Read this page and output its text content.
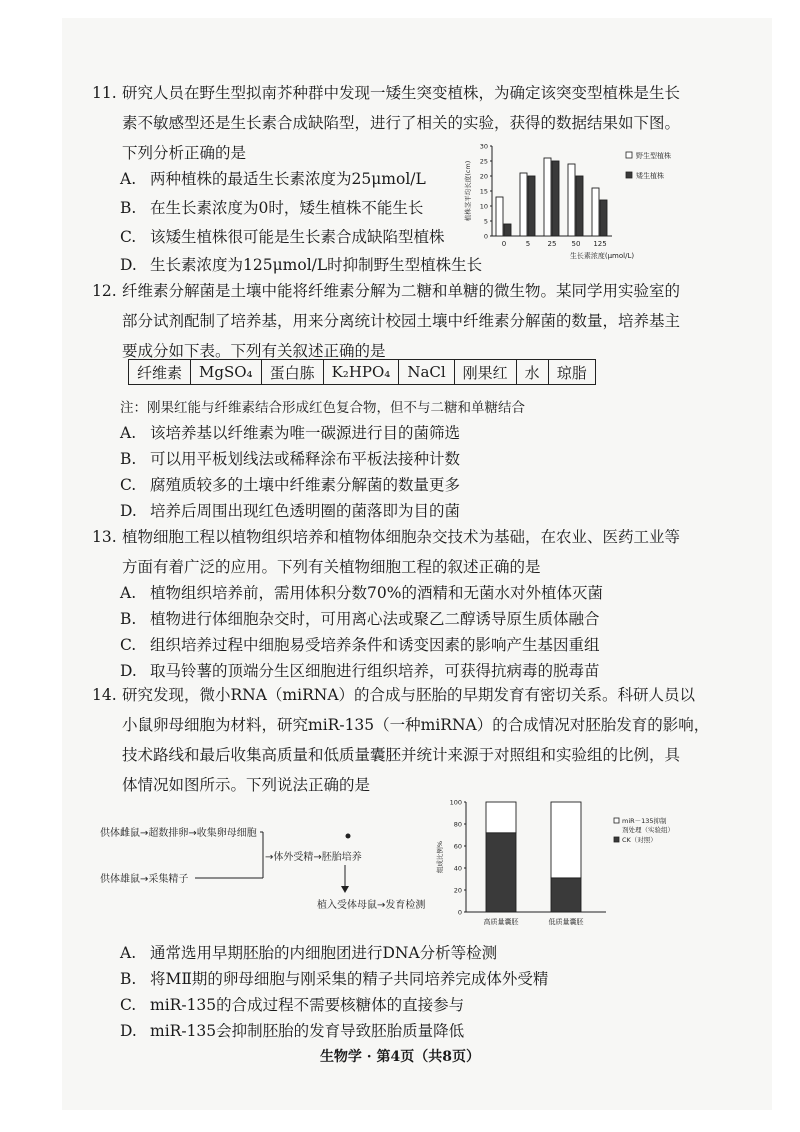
11. 研究人员在野生型拟南芥种群中发现一矮生突变植株，为确定该突变型植株是生长
素不敏感型还是生长素合成缺陷型，进行了相关的实验，获得的数据结果如下图。
下列分析正确的是
A. 两种植株的最适生长素浓度为25μmol/L
B. 在生长素浓度为0时，矮生植株不能生长
C. 该矮生植株很可能是生长素合成缺陷型植株
D. 生长素浓度为125μmol/L时抑制野生型植株生长
0
5
10
15
20
25
30
0	5 25 50 125
生长素浓度(μmol/L)
植株茎平均长度(cm)
野生型植株
矮生植株
12. 纤维素分解菌是土壤中能将纤维素分解为二糖和单糖的微生物。某同学用实验室的
部分试剂配制了培养基，用来分离统计校园土壤中纤维素分解菌的数量，培养基主
要成分如下表。下列有关叙述正确的是
纤维素	MgSO₄	蛋白胨	K₂HPO₄	NaCl	刚果红	水	琼脂
注：刚果红能与纤维素结合形成红色复合物，但不与二糖和单糖结合
A. 该培养基以纤维素为唯一碳源进行目的菌筛选
B. 可以用平板划线法或稀释涂布平板法接种计数
C. 腐殖质较多的土壤中纤维素分解菌的数量更多
D. 培养后周围出现红色透明圈的菌落即为目的菌
13. 植物细胞工程以植物组织培养和植物体细胞杂交技术为基础，在农业、医药工业等
方面有着广泛的应用。下列有关植物细胞工程的叙述正确的是
A. 植物组织培养前，需用体积分数70%的酒精和无菌水对外植体灭菌
B. 植物进行体细胞杂交时，可用离心法或聚乙二醇诱导原生质体融合
C. 组织培养过程中细胞易受培养条件和诱变因素的影响产生基因重组
D. 取马铃薯的顶端分生区细胞进行组织培养，可获得抗病毒的脱毒苗
14. 研究发现，微小RNA（miRNA）的合成与胚胎的早期发育有密切关系。科研人员以
小鼠卵母细胞为材料，研究miR-135（一种miRNA）的合成情况对胚胎发育的影响，
技术路线和最后收集高质量和低质量囊胚并统计来源于对照组和实验组的比例，具
体情况如图所示。下列说法正确的是
供体雌鼠→超数排卵→收集卵母细胞
供体雄鼠→采集精子
→体外受精→胚胎培养
植入受体母鼠→发育检测
0
20
40
60
80
100
高质量囊胚	低质量囊胚
组成比例%
miR－135抑制
剂处理（实验组）
CK（对照）
A. 通常选用早期胚胎的内细胞团进行DNA分析等检测
B. 将MⅡ期的卵母细胞与刚采集的精子共同培养完成体外受精
C. miR-135的合成过程不需要核糖体的直接参与
D. miR-135会抑制胚胎的发育导致胚胎质量降低
生物学 · 第4页（共8页）
